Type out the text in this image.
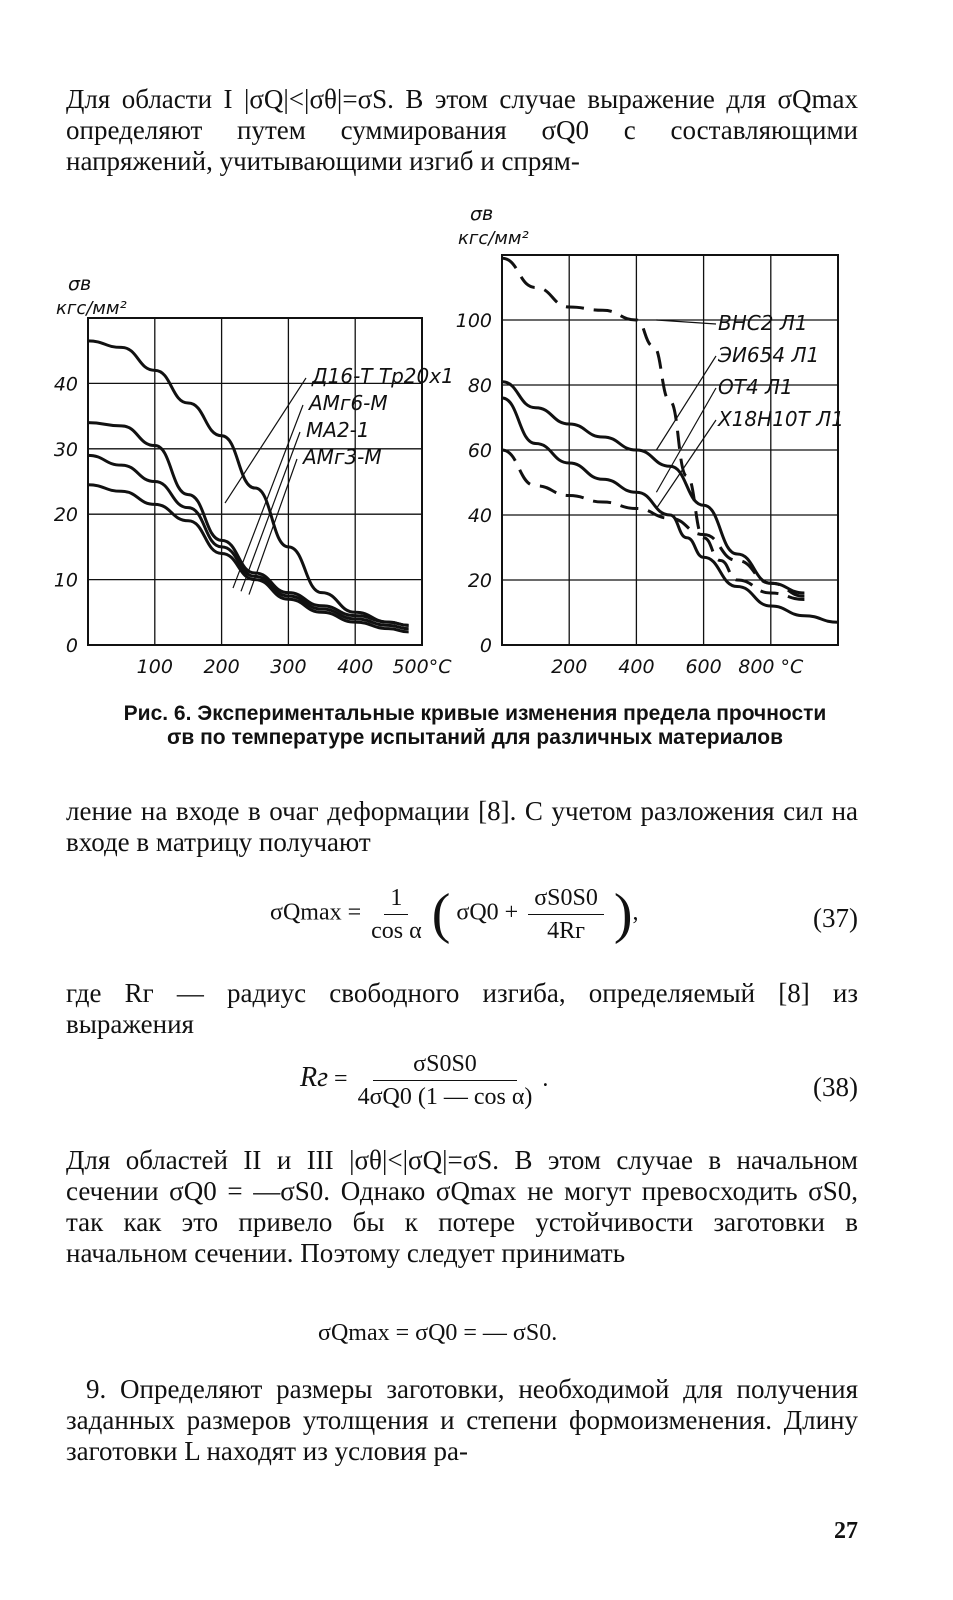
Для области I |σQ|<|σθ|=σS. В этом случае выражение для σQmax определяют путем суммирования σQ0 с составляющими напряжений, учитывающими изгиб и спрям-
0
10
20
30
40
100 200 300 400 500°C
σв
кгс/мм²
Д16-Т Тр20х1
АМг6-М
МА2-1
АМг3-М
0
20
40
60
80
100
200 400 600 800 °C
σв
кгс/мм²
ВНС2 Л1
ЭИ654 Л1
ОТ4 Л1
Х18Н10Т Л1
Рис. 6. Экспериментальные кривые изменения предела прочности
σв по температуре испытаний для различных материалов
ление на входе в очаг деформации [8]. С учетом разложения сил на входе в матрицу получают
$\sigma Qmax = \frac{1}{\text{cos α}}$ ( $\sigma Q0 + \frac{\sigma S0S0}{4Rг}$ ),	(37)
где Rг — радиус свободного изгиба, определяемый [8] из выражения
Rг = $\frac{\sigma S0S0}{\text{4σQ0 (1 — cos α)}}$ .	(38)
Для областей II и III |σθ|<|σQ|=σS. В этом случае в начальном сечении σQ0 = —σS0. Однако σQmax не могут превосходить σS0, так как это привело бы к потере устойчивости заготовки в начальном сечении. Поэтому следует принимать
σQmax = σQ0 = — σS0.
9. Определяют размеры заготовки, необходимой для получения заданных размеров утолщения и степени формоизменения. Длину заготовки L находят из условия ра-
27
